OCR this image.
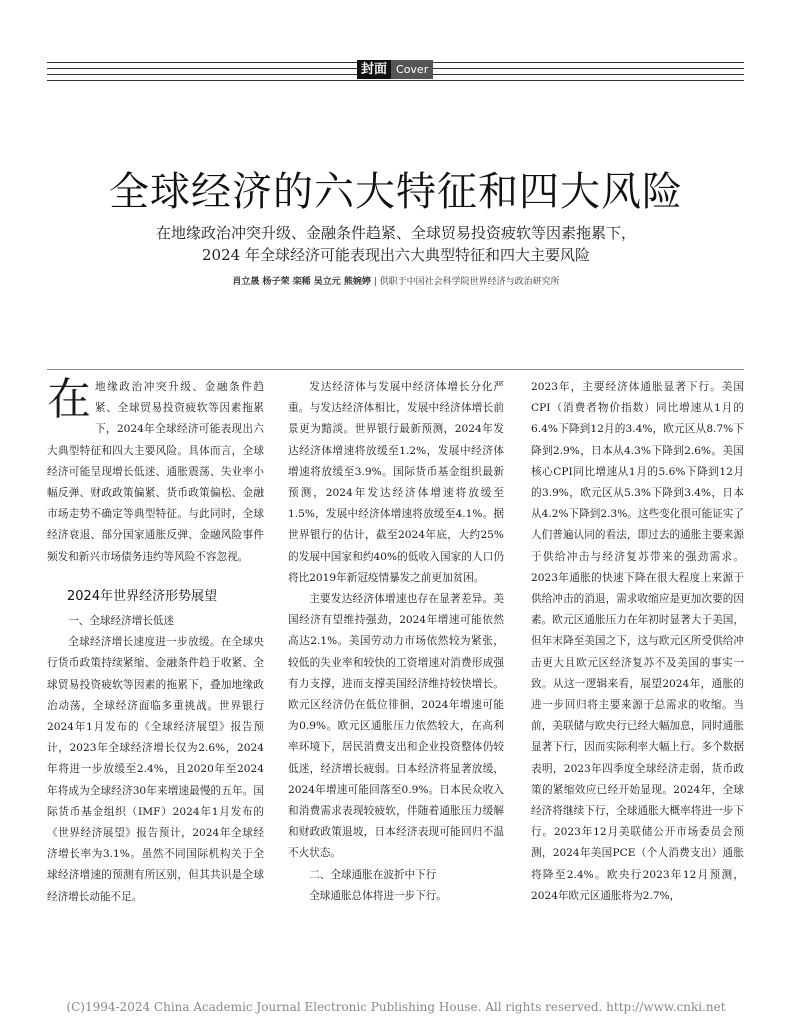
封面 Cover
全球经济的六大特征和四大风险
在地缘政治冲突升级、金融条件趋紧、全球贸易投资疲软等因素拖累下，
2024 年全球经济可能表现出六大典型特征和四大主要风险
肖立晟 杨子荣 栾稀 吴立元 熊婉婷 | 供职于中国社会科学院世界经济与政治研究所

在地缘政治冲突升级、金融条件趋紧、全球贸易投资疲软等因素拖累下，2024年全球经济可能表现出六大典型特征和四大主要风险。具体而言，全球经济可能呈现增长低迷、通胀震荡、失业率小幅反弹、财政政策偏紧、货币政策偏松、金融市场走势不确定等典型特征。与此同时，全球经济衰退、部分国家通胀反弹、金融风险事件频发和新兴市场债务违约等风险不容忽视。

2024年世界经济形势展望

一、全球经济增长低迷

全球经济增长速度进一步放缓。在全球央行货币政策持续紧缩、金融条件趋于收紧、全球贸易投资疲软等因素的拖累下，叠加地缘政治动荡，全球经济面临多重挑战。世界银行2024年1月发布的《全球经济展望》报告预计，2023年全球经济增长仅为2.6%，2024年将进一步放缓至2.4%，且2020年至2024年将成为全球经济30年来增速最慢的五年。国际货币基金组织（IMF）2024年1月发布的《世界经济展望》报告预计，2024年全球经济增长率为3.1%。虽然不同国际机构关于全球经济增速的预测有所区别，但其共识是全球经济增长动能不足。

发达经济体与发展中经济体增长分化严重。与发达经济体相比，发展中经济体增长前景更为黯淡。世界银行最新预测，2024年发达经济体增速将放缓至1.2%，发展中经济体增速将放缓至3.9%。国际货币基金组织最新预测，2024年发达经济体增速将放缓至1.5%，发展中经济体增速将放缓至4.1%。据世界银行的估计，截至2024年底，大约25%的发展中国家和约40%的低收入国家的人口仍将比2019年新冠疫情暴发之前更加贫困。

主要发达经济体增速也存在显著差异。美国经济有望维持强劲，2024年增速可能依然高达2.1%。美国劳动力市场依然较为紧张，较低的失业率和较快的工资增速对消费形成强有力支撑，进而支撑美国经济维持较快增长。欧元区经济仍在低位徘徊，2024年增速可能为0.9%。欧元区通胀压力依然较大，在高利率环境下，居民消费支出和企业投资整体仍较低迷，经济增长疲弱。日本经济将显著放缓，2024年增速可能回落至0.9%。日本民众收入和消费需求表现较疲软，伴随着通胀压力缓解和财政政策退坡，日本经济表现可能回归不温不火状态。

二、全球通胀在波折中下行

全球通胀总体将进一步下行。

2023年，主要经济体通胀显著下行。美国CPI（消费者物价指数）同比增速从1月的6.4%下降到12月的3.4%，欧元区从8.7%下降到2.9%，日本从4.3%下降到2.6%。美国核心CPI同比增速从1月的5.6%下降到12月的3.9%，欧元区从5.3%下降到3.4%，日本从4.2%下降到2.3%。这些变化很可能证实了人们普遍认同的看法，即过去的通胀主要来源于供给冲击与经济复苏带来的强劲需求。2023年通胀的快速下降在很大程度上来源于供给冲击的消退，需求收缩应是更加次要的因素。欧元区通胀压力在年初时显著大于美国，但年末降至美国之下，这与欧元区所受供给冲击更大且欧元区经济复苏不及美国的事实一致。从这一逻辑来看，展望2024年，通胀的进一步回归将主要来源于总需求的收缩。当前，美联储与欧央行已经大幅加息，同时通胀显著下行，因而实际利率大幅上行。多个数据表明，2023年四季度全球经济走弱，货币政策的紧缩效应已经开始显现。2024年，全球经济将继续下行，全球通胀大概率将进一步下行。2023年12月美联储公开市场委员会预测，2024年美国PCE（个人消费支出）通胀将降至2.4%。欧央行2023年12月预测，2024年欧元区通胀将为2.7%，

(C)1994-2024 China Academic Journal Electronic Publishing House. All rights reserved. http://www.cnki.net
